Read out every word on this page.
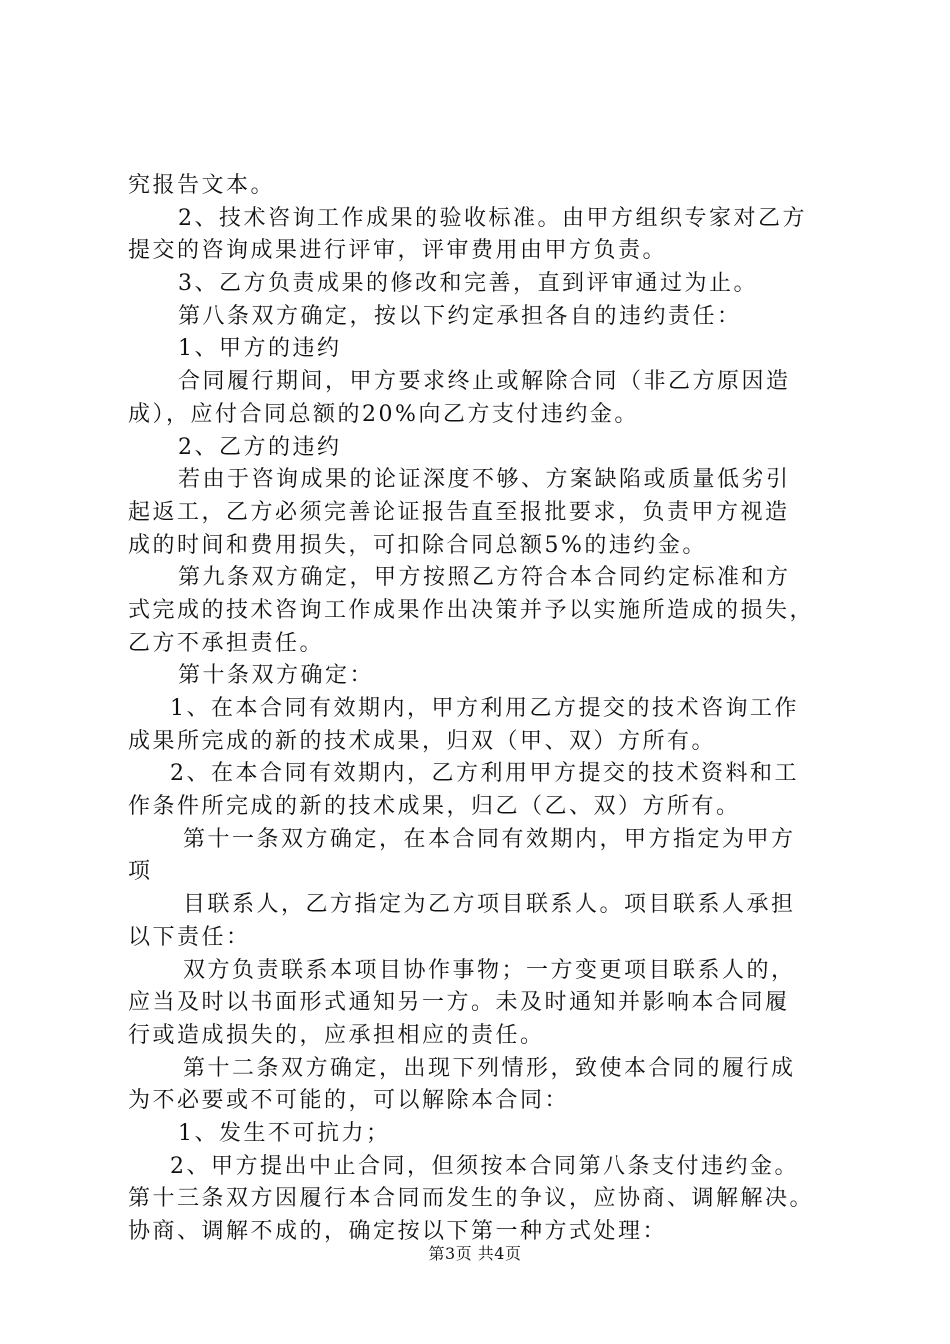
究报告文本。
2、技术咨询工作成果的验收标准。由甲方组织专家对乙方
提交的咨询成果进行评审，评审费用由甲方负责。
3、乙方负责成果的修改和完善，直到评审通过为止。
第八条双方确定，按以下约定承担各自的违约责任：
1、甲方的违约
合同履行期间，甲方要求终止或解除合同（非乙方原因造
成），应付合同总额的20%向乙方支付违约金。
2、乙方的违约
若由于咨询成果的论证深度不够、方案缺陷或质量低劣引
起返工，乙方必须完善论证报告直至报批要求，负责甲方视造
成的时间和费用损失，可扣除合同总额5%的违约金。
第九条双方确定，甲方按照乙方符合本合同约定标准和方
式完成的技术咨询工作成果作出决策并予以实施所造成的损失，
乙方不承担责任。
第十条双方确定：
1、在本合同有效期内，甲方利用乙方提交的技术咨询工作
成果所完成的新的技术成果，归双（甲、双）方所有。
2、在本合同有效期内，乙方利用甲方提交的技术资料和工
作条件所完成的新的技术成果，归乙（乙、双）方所有。
第十一条双方确定，在本合同有效期内，甲方指定为甲方
项
目联系人，乙方指定为乙方项目联系人。项目联系人承担
以下责任：
双方负责联系本项目协作事物；一方变更项目联系人的，
应当及时以书面形式通知另一方。未及时通知并影响本合同履
行或造成损失的，应承担相应的责任。
第十二条双方确定，出现下列情形，致使本合同的履行成
为不必要或不可能的，可以解除本合同：
1、发生不可抗力；
2、甲方提出中止合同，但须按本合同第八条支付违约金。
第十三条双方因履行本合同而发生的争议，应协商、调解解决。
协商、调解不成的，确定按以下第一种方式处理：
第3页 共4页
